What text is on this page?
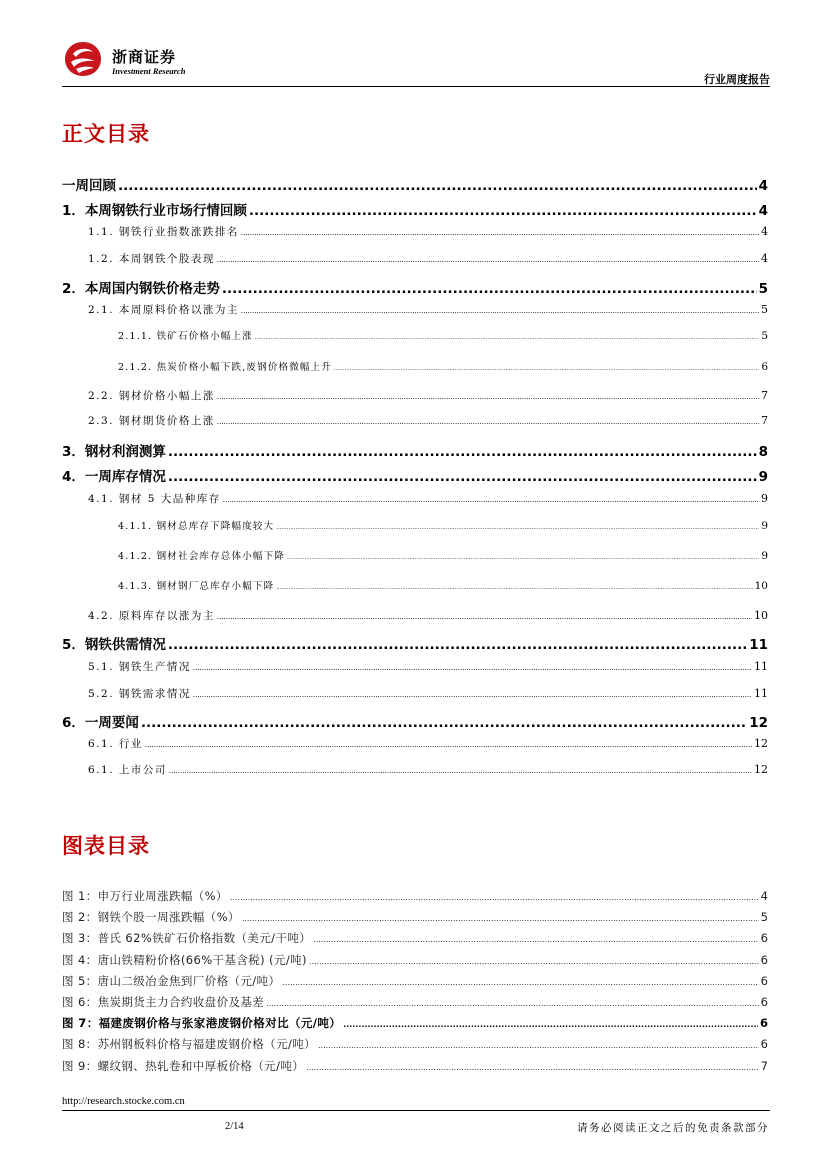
浙商证券
Investment Research
行业周度报告
正文目录
一周回顾 .....	4
1．本周钢铁行业市场行情回顾 .....	4
1.1. 钢铁行业指数涨跌排名 .....	4
1.2. 本周钢铁个股表现 .....	4
2．本周国内钢铁价格走势 .....	5
2.1. 本周原料价格以涨为主 .....	5
2.1.1. 铁矿石价格小幅上涨 .....	5
2.1.2. 焦炭价格小幅下跌,废钢价格微幅上升 .....	6
2.2. 钢材价格小幅上涨 .....	7
2.3. 钢材期货价格上涨 .....	7
3．钢材利润测算 .....	8
4．一周库存情况 .....	9
4.1. 钢材 5 大品种库存 .....	9
4.1.1. 钢材总库存下降幅度较大 .....	9
4.1.2. 钢材社会库存总体小幅下降 .....	9
4.1.3. 钢材钢厂总库存小幅下降 .....	10
4.2. 原料库存以涨为主 .....	10
5．钢铁供需情况 .....	11
5.1. 钢铁生产情况 .....	11
5.2. 钢铁需求情况 .....	11
6．一周要闻 .....	12
6.1. 行业 .....	12
6.1. 上市公司 .....	12
图表目录
图 1：申万行业周涨跌幅（%） .....	4
图 2：钢铁个股一周涨跌幅（%） .....	5
图 3：普氏 62%铁矿石价格指数（美元/干吨） .....	6
图 4：唐山铁精粉价格(66%干基含税) (元/吨) .....	6
图 5：唐山二级冶金焦到厂价格（元/吨） .....	6
图 6：焦炭期货主力合约收盘价及基差 .....	6
图 7：福建废钢价格与张家港废钢价格对比（元/吨） .....	6
图 8：苏州钢板料价格与福建废钢价格（元/吨） .....	6
图 9：螺纹钢、热轧卷和中厚板价格（元/吨） .....	7
http://research.stocke.com.cn
2/14	请务必阅读正文之后的免责条款部分
